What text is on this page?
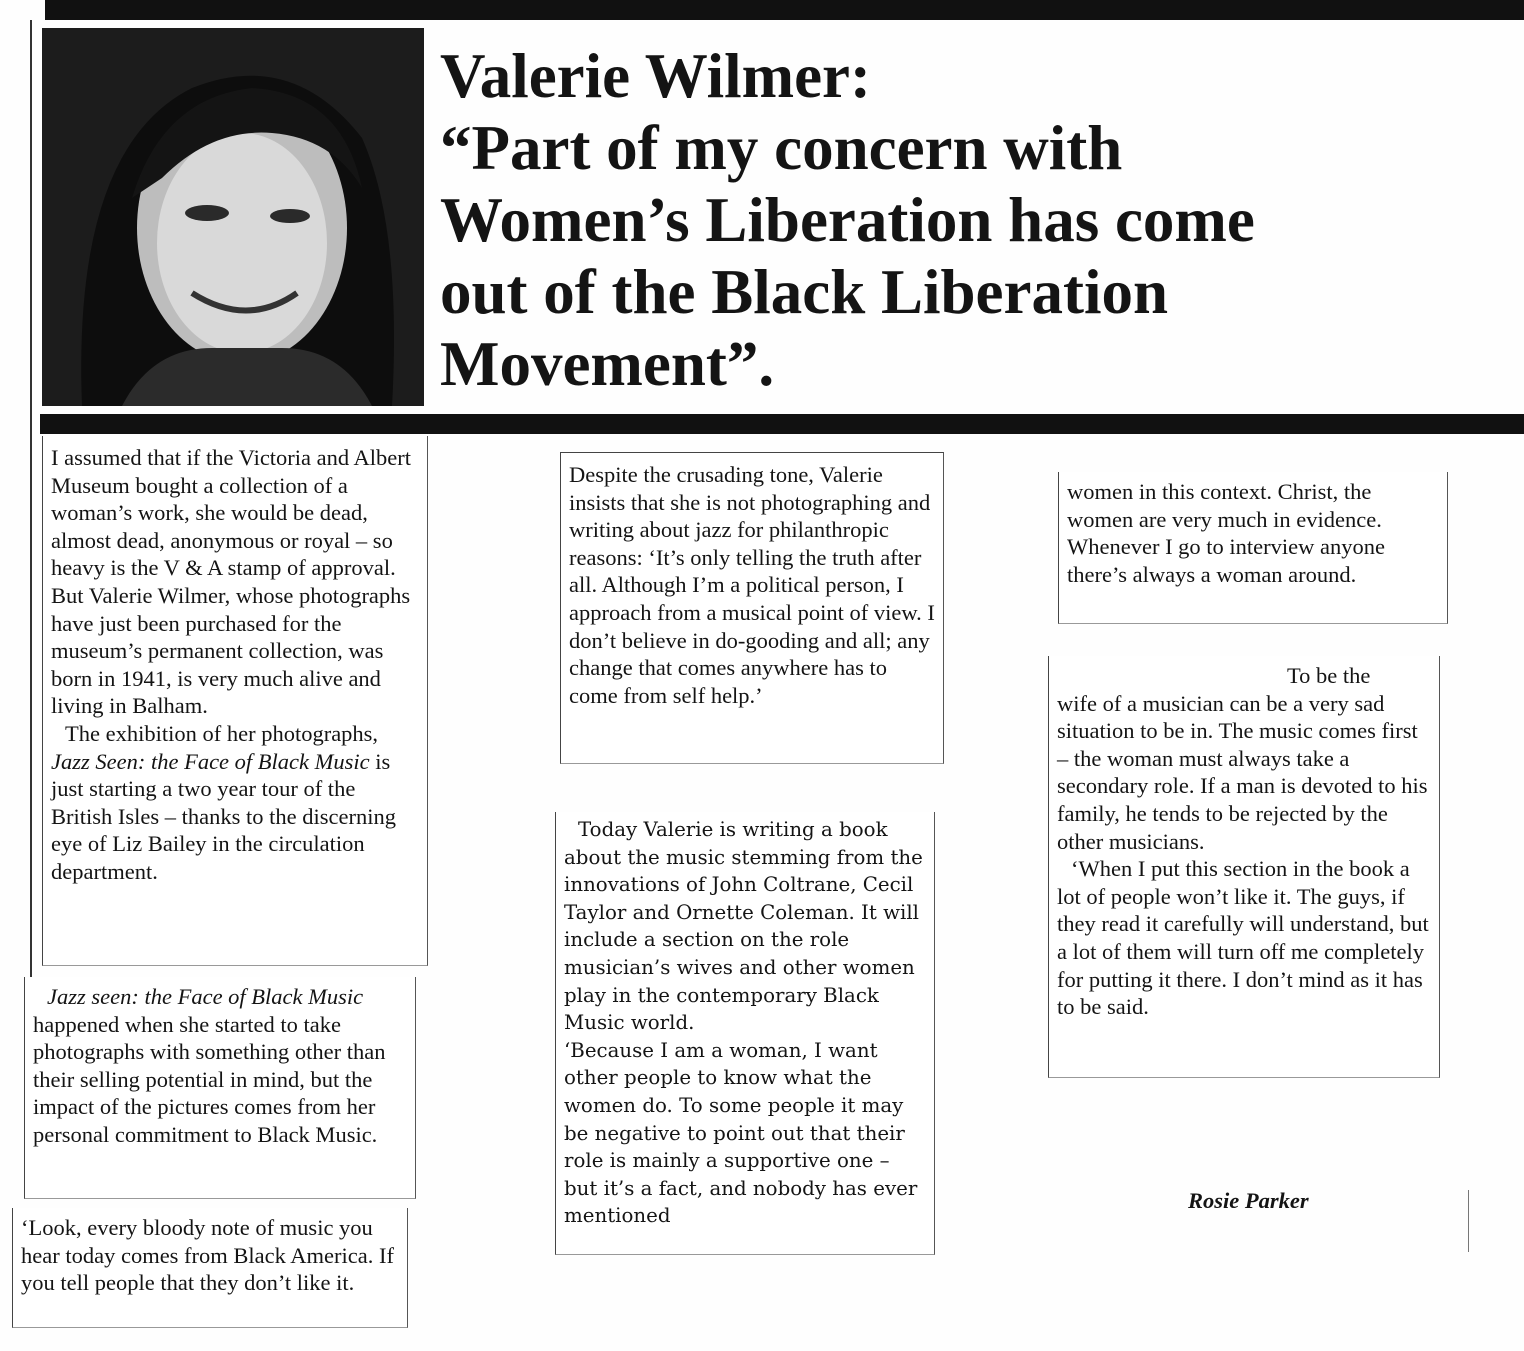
Valerie Wilmer:
“Part of my concern with
Women’s Liberation has come
out of the Black Liberation
Movement”.

I assumed that if the Victoria and Albert Museum bought a collection of a woman’s work, she would be dead, almost dead, anonymous or royal – so heavy is the V & A stamp of approval. But Valerie Wilmer, whose photographs have just been purchased for the museum’s permanent collection, was born in 1941, is very much alive and living in Balham.

The exhibition of her photographs, Jazz Seen: the Face of Black Music is just starting a two year tour of the British Isles – thanks to the discerning eye of Liz Bailey in the circulation department.

Jazz seen: the Face of Black Music happened when she started to take photographs with something other than their selling potential in mind, but the impact of the pictures comes from her personal commitment to Black Music.

‘Look, every bloody note of music you hear today comes from Black America. If you tell people that they don’t like it.

Despite the crusading tone, Valerie insists that she is not photographing and writing about jazz for philanthropic reasons: ‘It’s only telling the truth after all. Although I’m a political person, I approach from a musical point of view. I don’t believe in do-gooding and all; any change that comes anywhere has to come from self help.’

Today Valerie is writing a book about the music stemming from the innovations of John Coltrane, Cecil Taylor and Ornette Coleman. It will include a section on the role musician’s wives and other women play in the contemporary Black Music world.

‘Because I am a woman, I want other people to know what the women do. To some people it may be negative to point out that their role is mainly a supportive one – but it’s a fact, and nobody has ever mentioned

women in this context. Christ, the women are very much in evidence. Whenever I go to interview anyone there’s always a woman around.

To be the

wife of a musician can be a very sad situation to be in. The music comes first – the woman must always take a secondary role. If a man is devoted to his family, he tends to be rejected by the other musicians.

‘When I put this section in the book a lot of people won’t like it. The guys, if they read it carefully will understand, but a lot of them will turn off me completely for putting it there. I don’t mind as it has to be said.

Rosie Parker
